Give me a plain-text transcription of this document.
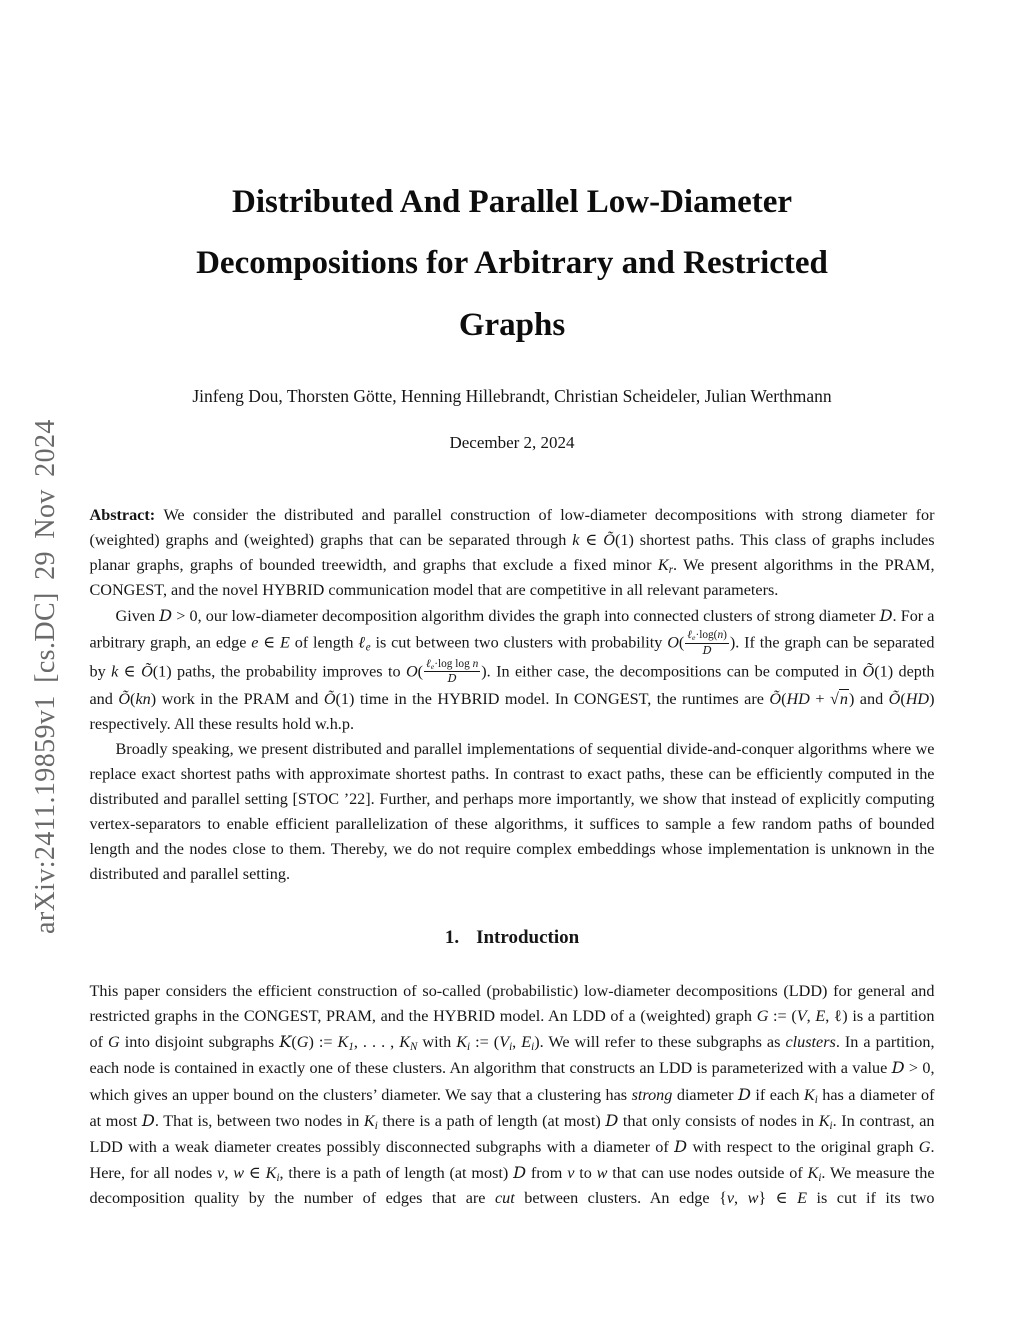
arXiv:2411.19859v1 [cs.DC] 29 Nov 2024
Distributed And Parallel Low-Diameter
Decompositions for Arbitrary and Restricted
Graphs
Jinfeng Dou, Thorsten Götte, Henning Hillebrandt, Christian Scheideler, Julian Werthmann
December 2, 2024

Abstract: We consider the distributed and parallel construction of low-diameter decompositions with strong diameter for (weighted) graphs and (weighted) graphs that can be separated through k ∈ Õ(1) shortest paths. This class of graphs includes planar graphs, graphs of bounded treewidth, and graphs that exclude a fixed minor $K_r$. We present algorithms in the PRAM, CONGEST, and the novel HYBRID communication model that are competitive in all relevant parameters.

Given D > 0, our low-diameter decomposition algorithm divides the graph into connected clusters of strong diameter D. For a arbitrary graph, an edge e ∈ E of length ℓ$_e$ is cut between two clusters with probability $O( \frac{\ell_e\cdot\log(n)}{D}$ ). If the graph can be separated by k ∈ Õ(1) paths, the probability improves to $O( \frac{\ell_e\cdot\log \log n}{D}$ ). In either case, the decompositions can be computed in Õ(1) depth and Õ(kn) work in the PRAM and Õ(1) time in the HYBRID model. In CONGEST, the runtimes are Õ(HD + √n) and Õ(HD) respectively. All these results hold w.h.p.

Broadly speaking, we present distributed and parallel implementations of sequential divide-and-conquer algorithms where we replace exact shortest paths with approximate shortest paths. In contrast to exact paths, these can be efficiently computed in the distributed and parallel setting [STOC ’22]. Further, and perhaps more importantly, we show that instead of explicitly computing vertex-separators to enable efficient parallelization of these algorithms, it suffices to sample a few random paths of bounded length and the nodes close to them. Thereby, we do not require complex embeddings whose implementation is unknown in the distributed and parallel setting.

1. Introduction

This paper considers the efficient construction of so-called (probabilistic) low-diameter decompositions (LDD) for general and restricted graphs in the CONGEST, PRAM, and the HYBRID model. An LDD of a (weighted) graph G := (V, E, ℓ) is a partition of G into disjoint subgraphs K(G) := $K_1$, . . . , $K_N$ with $K_i$ := ($V_i$, $E_i$). We will refer to these subgraphs as clusters. In a partition, each node is contained in exactly one of these clusters. An algorithm that constructs an LDD is parameterized with a value D > 0, which gives an upper bound on the clusters’ diameter. We say that a clustering has strong diameter D if each $K_i$ has a diameter of at most D. That is, between two nodes in $K_i$ there is a path of length (at most) D that only consists of nodes in $K_i$. In contrast, an LDD with a weak diameter creates possibly disconnected subgraphs with a diameter of D with respect to the original graph G. Here, for all nodes v, w ∈ $K_i$, there is a path of length (at most) D from v to w that can use nodes outside of $K_i$. We measure the decomposition quality by the number of edges that are cut between clusters. An edge {v, w} ∈ E is cut if its two
